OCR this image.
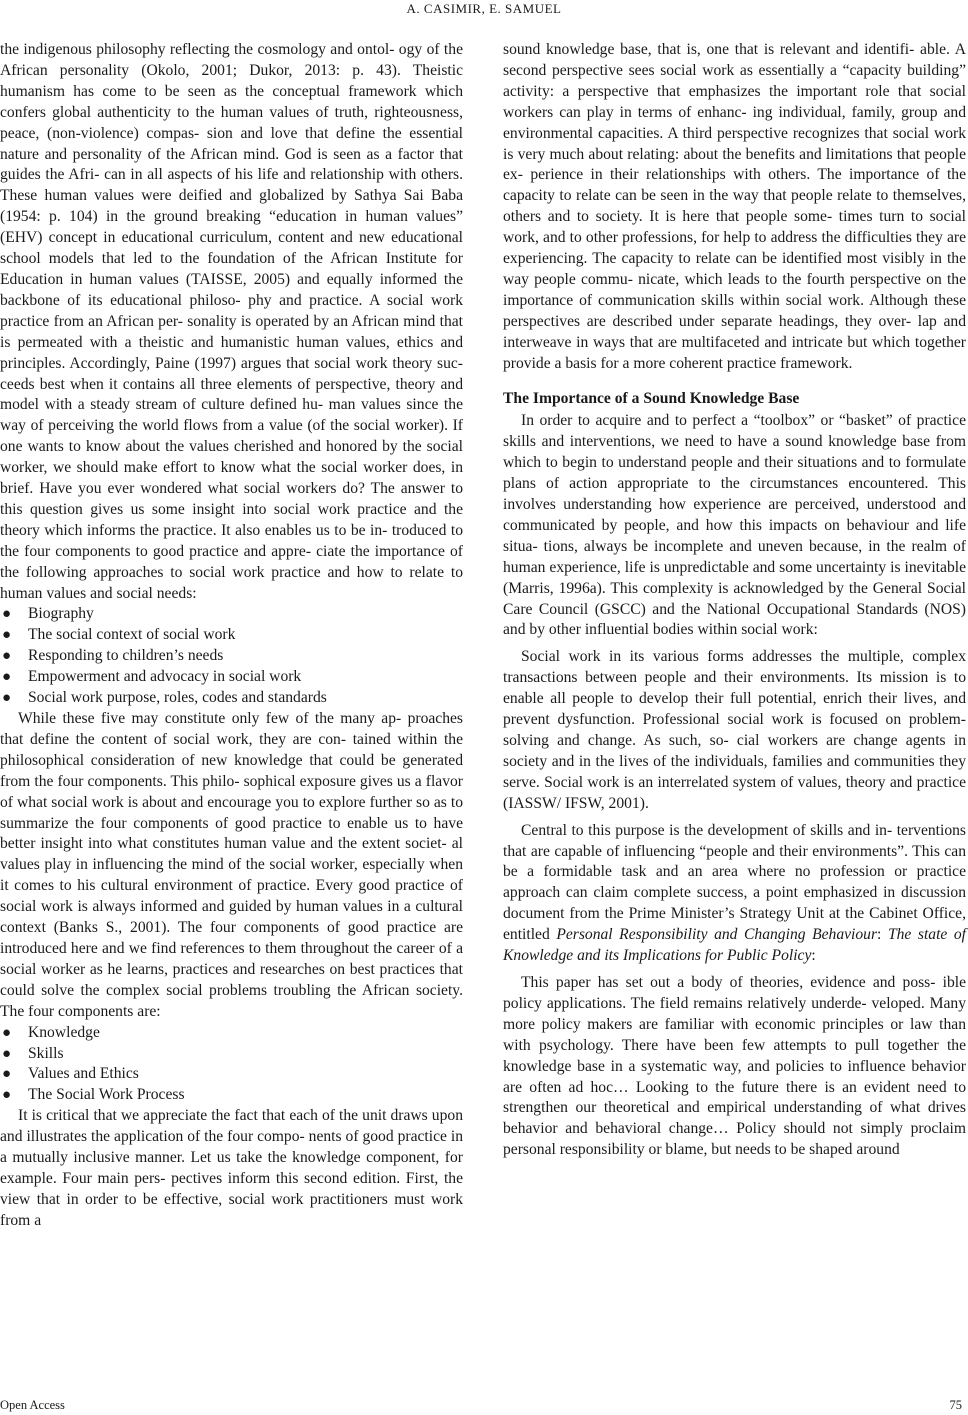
A. CASIMIR, E. SAMUEL

the indigenous philosophy reflecting the cosmology and ontol- ogy of the African personality (Okolo, 2001; Dukor, 2013: p. 43). Theistic humanism has come to be seen as the conceptual framework which confers global authenticity to the human values of truth, righteousness, peace, (non-violence) compas- sion and love that define the essential nature and personality of the African mind. God is seen as a factor that guides the Afri- can in all aspects of his life and relationship with others. These human values were deified and globalized by Sathya Sai Baba (1954: p. 104) in the ground breaking “education in human values” (EHV) concept in educational curriculum, content and new educational school models that led to the foundation of the African Institute for Education in human values (TAISSE, 2005) and equally informed the backbone of its educational philoso- phy and practice. A social work practice from an African per- sonality is operated by an African mind that is permeated with a theistic and humanistic human values, ethics and principles. Accordingly, Paine (1997) argues that social work theory suc- ceeds best when it contains all three elements of perspective, theory and model with a steady stream of culture defined hu- man values since the way of perceiving the world flows from a value (of the social worker). If one wants to know about the values cherished and honored by the social worker, we should make effort to know what the social worker does, in brief. Have you ever wondered what social workers do? The answer to this question gives us some insight into social work practice and the theory which informs the practice. It also enables us to be in- troduced to the four components to good practice and appre- ciate the importance of the following approaches to social work practice and how to relate to human values and social needs:

● Biography
● The social context of social work
● Responding to children’s needs
● Empowerment and advocacy in social work
● Social work purpose, roles, codes and standards

While these five may constitute only few of the many ap- proaches that define the content of social work, they are con- tained within the philosophical consideration of new knowledge that could be generated from the four components. This philo- sophical exposure gives us a flavor of what social work is about and encourage you to explore further so as to summarize the four components of good practice to enable us to have better insight into what constitutes human value and the extent societ- al values play in influencing the mind of the social worker, especially when it comes to his cultural environment of practice. Every good practice of social work is always informed and guided by human values in a cultural context (Banks S., 2001). The four components of good practice are introduced here and we find references to them throughout the career of a social worker as he learns, practices and researches on best practices that could solve the complex social problems troubling the African society. The four components are:

● Knowledge
● Skills
● Values and Ethics
● The Social Work Process

It is critical that we appreciate the fact that each of the unit draws upon and illustrates the application of the four compo- nents of good practice in a mutually inclusive manner. Let us take the knowledge component, for example. Four main pers- pectives inform this second edition. First, the view that in order to be effective, social work practitioners must work from a

sound knowledge base, that is, one that is relevant and identifi- able. A second perspective sees social work as essentially a “capacity building” activity: a perspective that emphasizes the important role that social workers can play in terms of enhanc- ing individual, family, group and environmental capacities. A third perspective recognizes that social work is very much about relating: about the benefits and limitations that people ex- perience in their relationships with others. The importance of the capacity to relate can be seen in the way that people relate to themselves, others and to society. It is here that people some- times turn to social work, and to other professions, for help to address the difficulties they are experiencing. The capacity to relate can be identified most visibly in the way people commu- nicate, which leads to the fourth perspective on the importance of communication skills within social work. Although these perspectives are described under separate headings, they over- lap and interweave in ways that are multifaceted and intricate but which together provide a basis for a more coherent practice framework.

The Importance of a Sound Knowledge Base

In order to acquire and to perfect a “toolbox” or “basket” of practice skills and interventions, we need to have a sound knowledge base from which to begin to understand people and their situations and to formulate plans of action appropriate to the circumstances encountered. This involves understanding how experience are perceived, understood and communicated by people, and how this impacts on behaviour and life situa- tions, always be incomplete and uneven because, in the realm of human experience, life is unpredictable and some uncertainty is inevitable (Marris, 1996a). This complexity is acknowledged by the General Social Care Council (GSCC) and the National Occupational Standards (NOS) and by other influential bodies within social work:

Social work in its various forms addresses the multiple, complex transactions between people and their environments. Its mission is to enable all people to develop their full potential, enrich their lives, and prevent dysfunction. Professional social work is focused on problem-solving and change. As such, so- cial workers are change agents in society and in the lives of the individuals, families and communities they serve. Social work is an interrelated system of values, theory and practice (IASSW/ IFSW, 2001).

Central to this purpose is the development of skills and in- terventions that are capable of influencing “people and their environments”. This can be a formidable task and an area where no profession or practice approach can claim complete success, a point emphasized in discussion document from the Prime Minister’s Strategy Unit at the Cabinet Office, entitled Personal Responsibility and Changing Behaviour: The state of Knowledge and its Implications for Public Policy:

This paper has set out a body of theories, evidence and poss- ible policy applications. The field remains relatively underde- veloped. Many more policy makers are familiar with economic principles or law than with psychology. There have been few attempts to pull together the knowledge base in a systematic way, and policies to influence behavior are often ad hoc… Looking to the future there is an evident need to strengthen our theoretical and empirical understanding of what drives behavior and behavioral change… Policy should not simply proclaim personal responsibility or blame, but needs to be shaped around

Open Access	75
